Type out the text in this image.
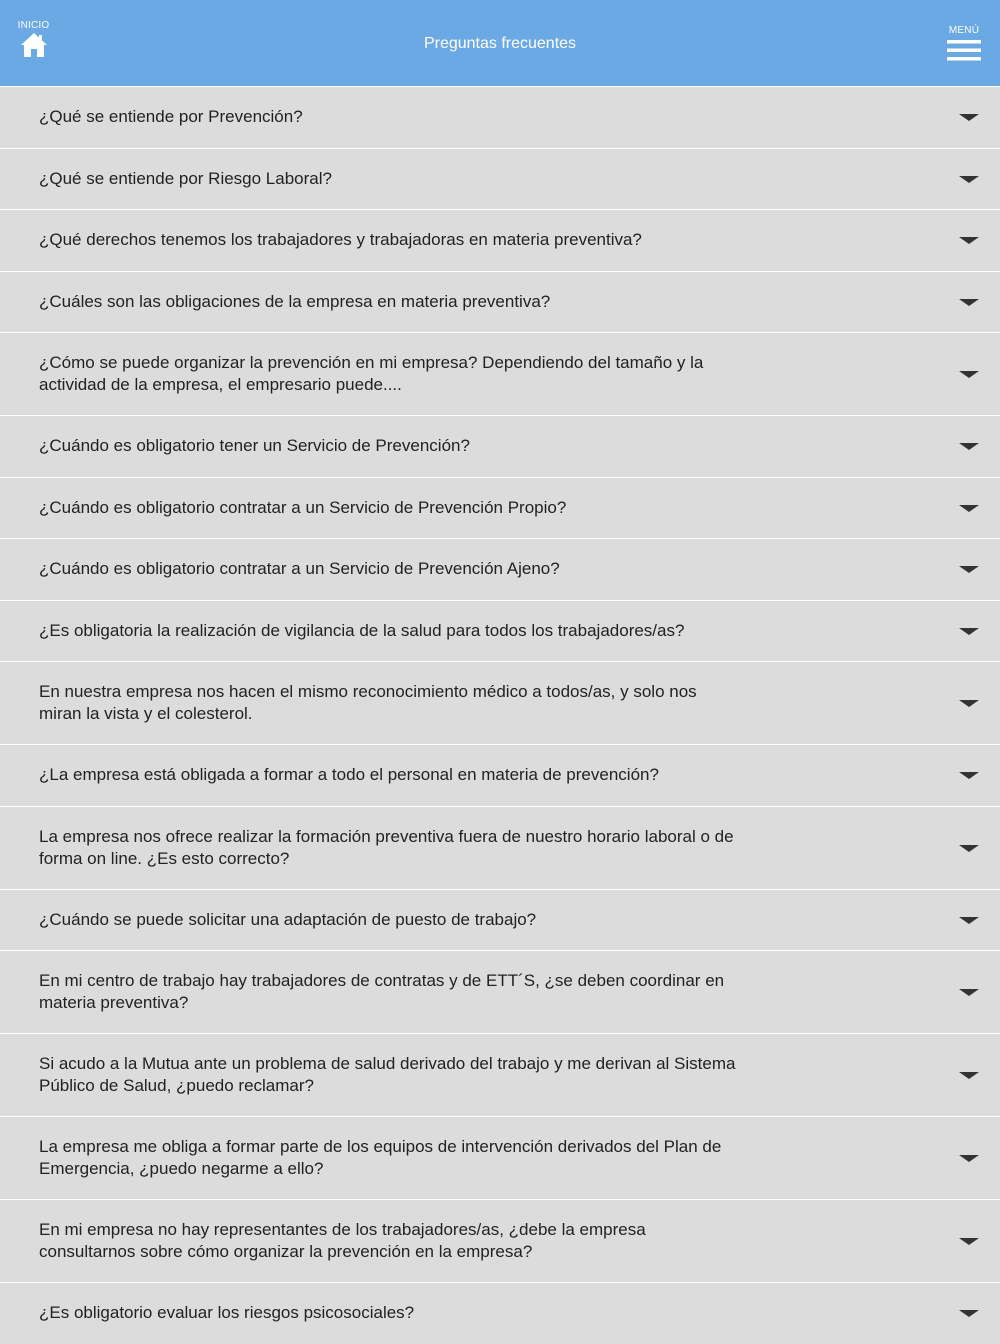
INICIO
Preguntas frecuentes
MENÚ
¿Qué se entiende por Prevención?
¿Qué se entiende por Riesgo Laboral?
¿Qué derechos tenemos los trabajadores y trabajadoras en materia preventiva?
¿Cuáles son las obligaciones de la empresa en materia preventiva?
¿Cómo se puede organizar la prevención en mi empresa? Dependiendo del tamaño y la actividad de la empresa, el empresario puede....
¿Cuándo es obligatorio tener un Servicio de Prevención?
¿Cuándo es obligatorio contratar a un Servicio de Prevención Propio?
¿Cuándo es obligatorio contratar a un Servicio de Prevención Ajeno?
¿Es obligatoria la realización de vigilancia de la salud para todos los trabajadores/as?
En nuestra empresa nos hacen el mismo reconocimiento médico a todos/as, y solo nos miran la vista y el colesterol.
¿La empresa está obligada a formar a todo el personal en materia de prevención?
La empresa nos ofrece realizar la formación preventiva fuera de nuestro horario laboral o de forma on line. ¿Es esto correcto?
¿Cuándo se puede solicitar una adaptación de puesto de trabajo?
En mi centro de trabajo hay trabajadores de contratas y de ETT´S, ¿se deben coordinar en materia preventiva?
Si acudo a la Mutua ante un problema de salud derivado del trabajo y me derivan al Sistema Público de Salud, ¿puedo reclamar?
La empresa me obliga a formar parte de los equipos de intervención derivados del Plan de Emergencia, ¿puedo negarme a ello?
En mi empresa no hay representantes de los trabajadores/as, ¿debe la empresa consultarnos sobre cómo organizar la prevención en la empresa?
¿Es obligatorio evaluar los riesgos psicosociales?
